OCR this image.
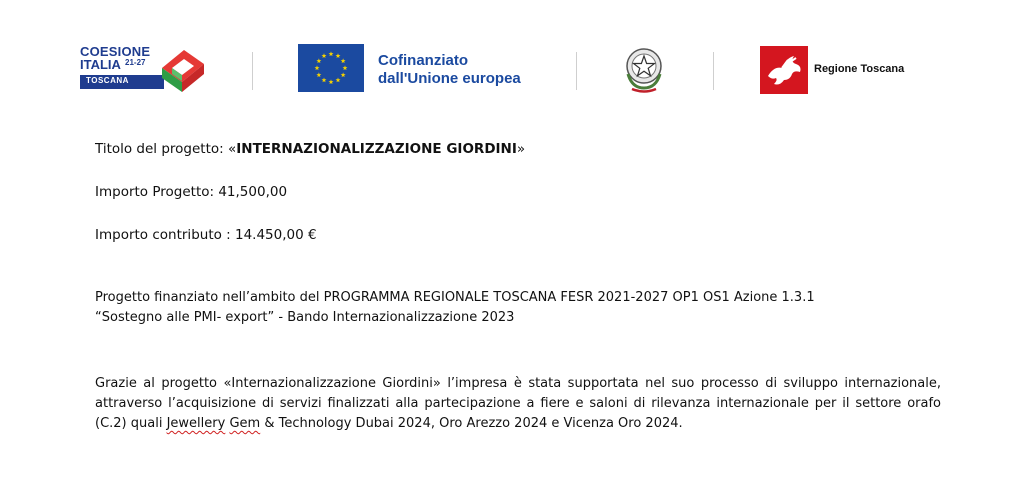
COESIONE
ITALIA 21-27
TOSCANA
Cofinanziato
dall'Unione europea
Regione Toscana
Titolo del progetto: «INTERNAZIONALIZZAZIONE GIORDINI»
Importo Progetto: 41,500,00
Importo contributo : 14.450,00 €
Progetto finanziato nell’ambito del PROGRAMMA REGIONALE TOSCANA FESR 2021-2027 OP1 OS1 Azione 1.3.1
“Sostegno alle PMI- export” - Bando Internazionalizzazione 2023
Grazie al progetto «Internazionalizzazione Giordini» l’impresa è stata supportata nel suo processo di sviluppo internazionale, attraverso l’acquisizione di servizi finalizzati alla partecipazione a fiere e saloni di rilevanza internazionale per il settore orafo (C.2) quali Jewellery Gem & Technology Dubai 2024, Oro Arezzo 2024 e Vicenza Oro 2024.
